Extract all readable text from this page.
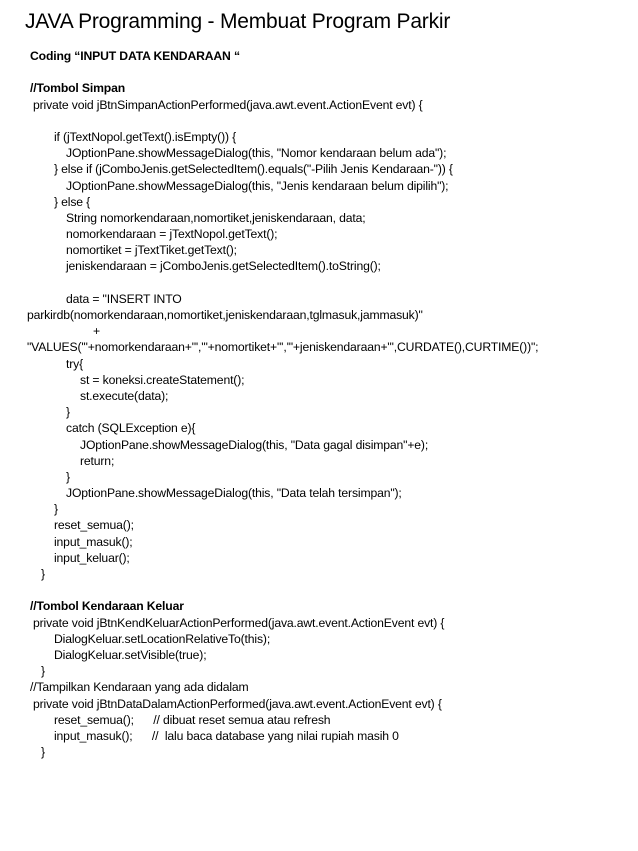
JAVA Programming - Membuat Program Parkir
Coding “INPUT DATA KENDARAAN “
//Tombol Simpan
private void jBtnSimpanActionPerformed(java.awt.event.ActionEvent evt) {
if (jTextNopol.getText().isEmpty()) {
JOptionPane.showMessageDialog(this, "Nomor kendaraan belum ada");
} else if (jComboJenis.getSelectedItem().equals("-Pilih Jenis Kendaraan-")) {
JOptionPane.showMessageDialog(this, "Jenis kendaraan belum dipilih");
} else {
String nomorkendaraan,nomortiket,jeniskendaraan, data;
nomorkendaraan = jTextNopol.getText();
nomortiket = jTextTiket.getText();
jeniskendaraan = jComboJenis.getSelectedItem().toString();
data = "INSERT INTO
parkirdb(nomorkendaraan,nomortiket,jeniskendaraan,tglmasuk,jammasuk)"
+
"VALUES('"+nomorkendaraan+"','"+nomortiket+"','"+jeniskendaraan+"',CURDATE(),CURTIME())";
try{
st = koneksi.createStatement();
st.execute(data);
}
catch (SQLException e){
JOptionPane.showMessageDialog(this, "Data gagal disimpan"+e);
return;
}
JOptionPane.showMessageDialog(this, "Data telah tersimpan");
}
reset_semua();
input_masuk();
input_keluar();
}
//Tombol Kendaraan Keluar
private void jBtnKendKeluarActionPerformed(java.awt.event.ActionEvent evt) {
DialogKeluar.setLocationRelativeTo(this);
DialogKeluar.setVisible(true);
}
//Tampilkan Kendaraan yang ada didalam
private void jBtnDataDalamActionPerformed(java.awt.event.ActionEvent evt) {
reset_semua();      // dibuat reset semua atau refresh
input_masuk();      //  lalu baca database yang nilai rupiah masih 0
}
